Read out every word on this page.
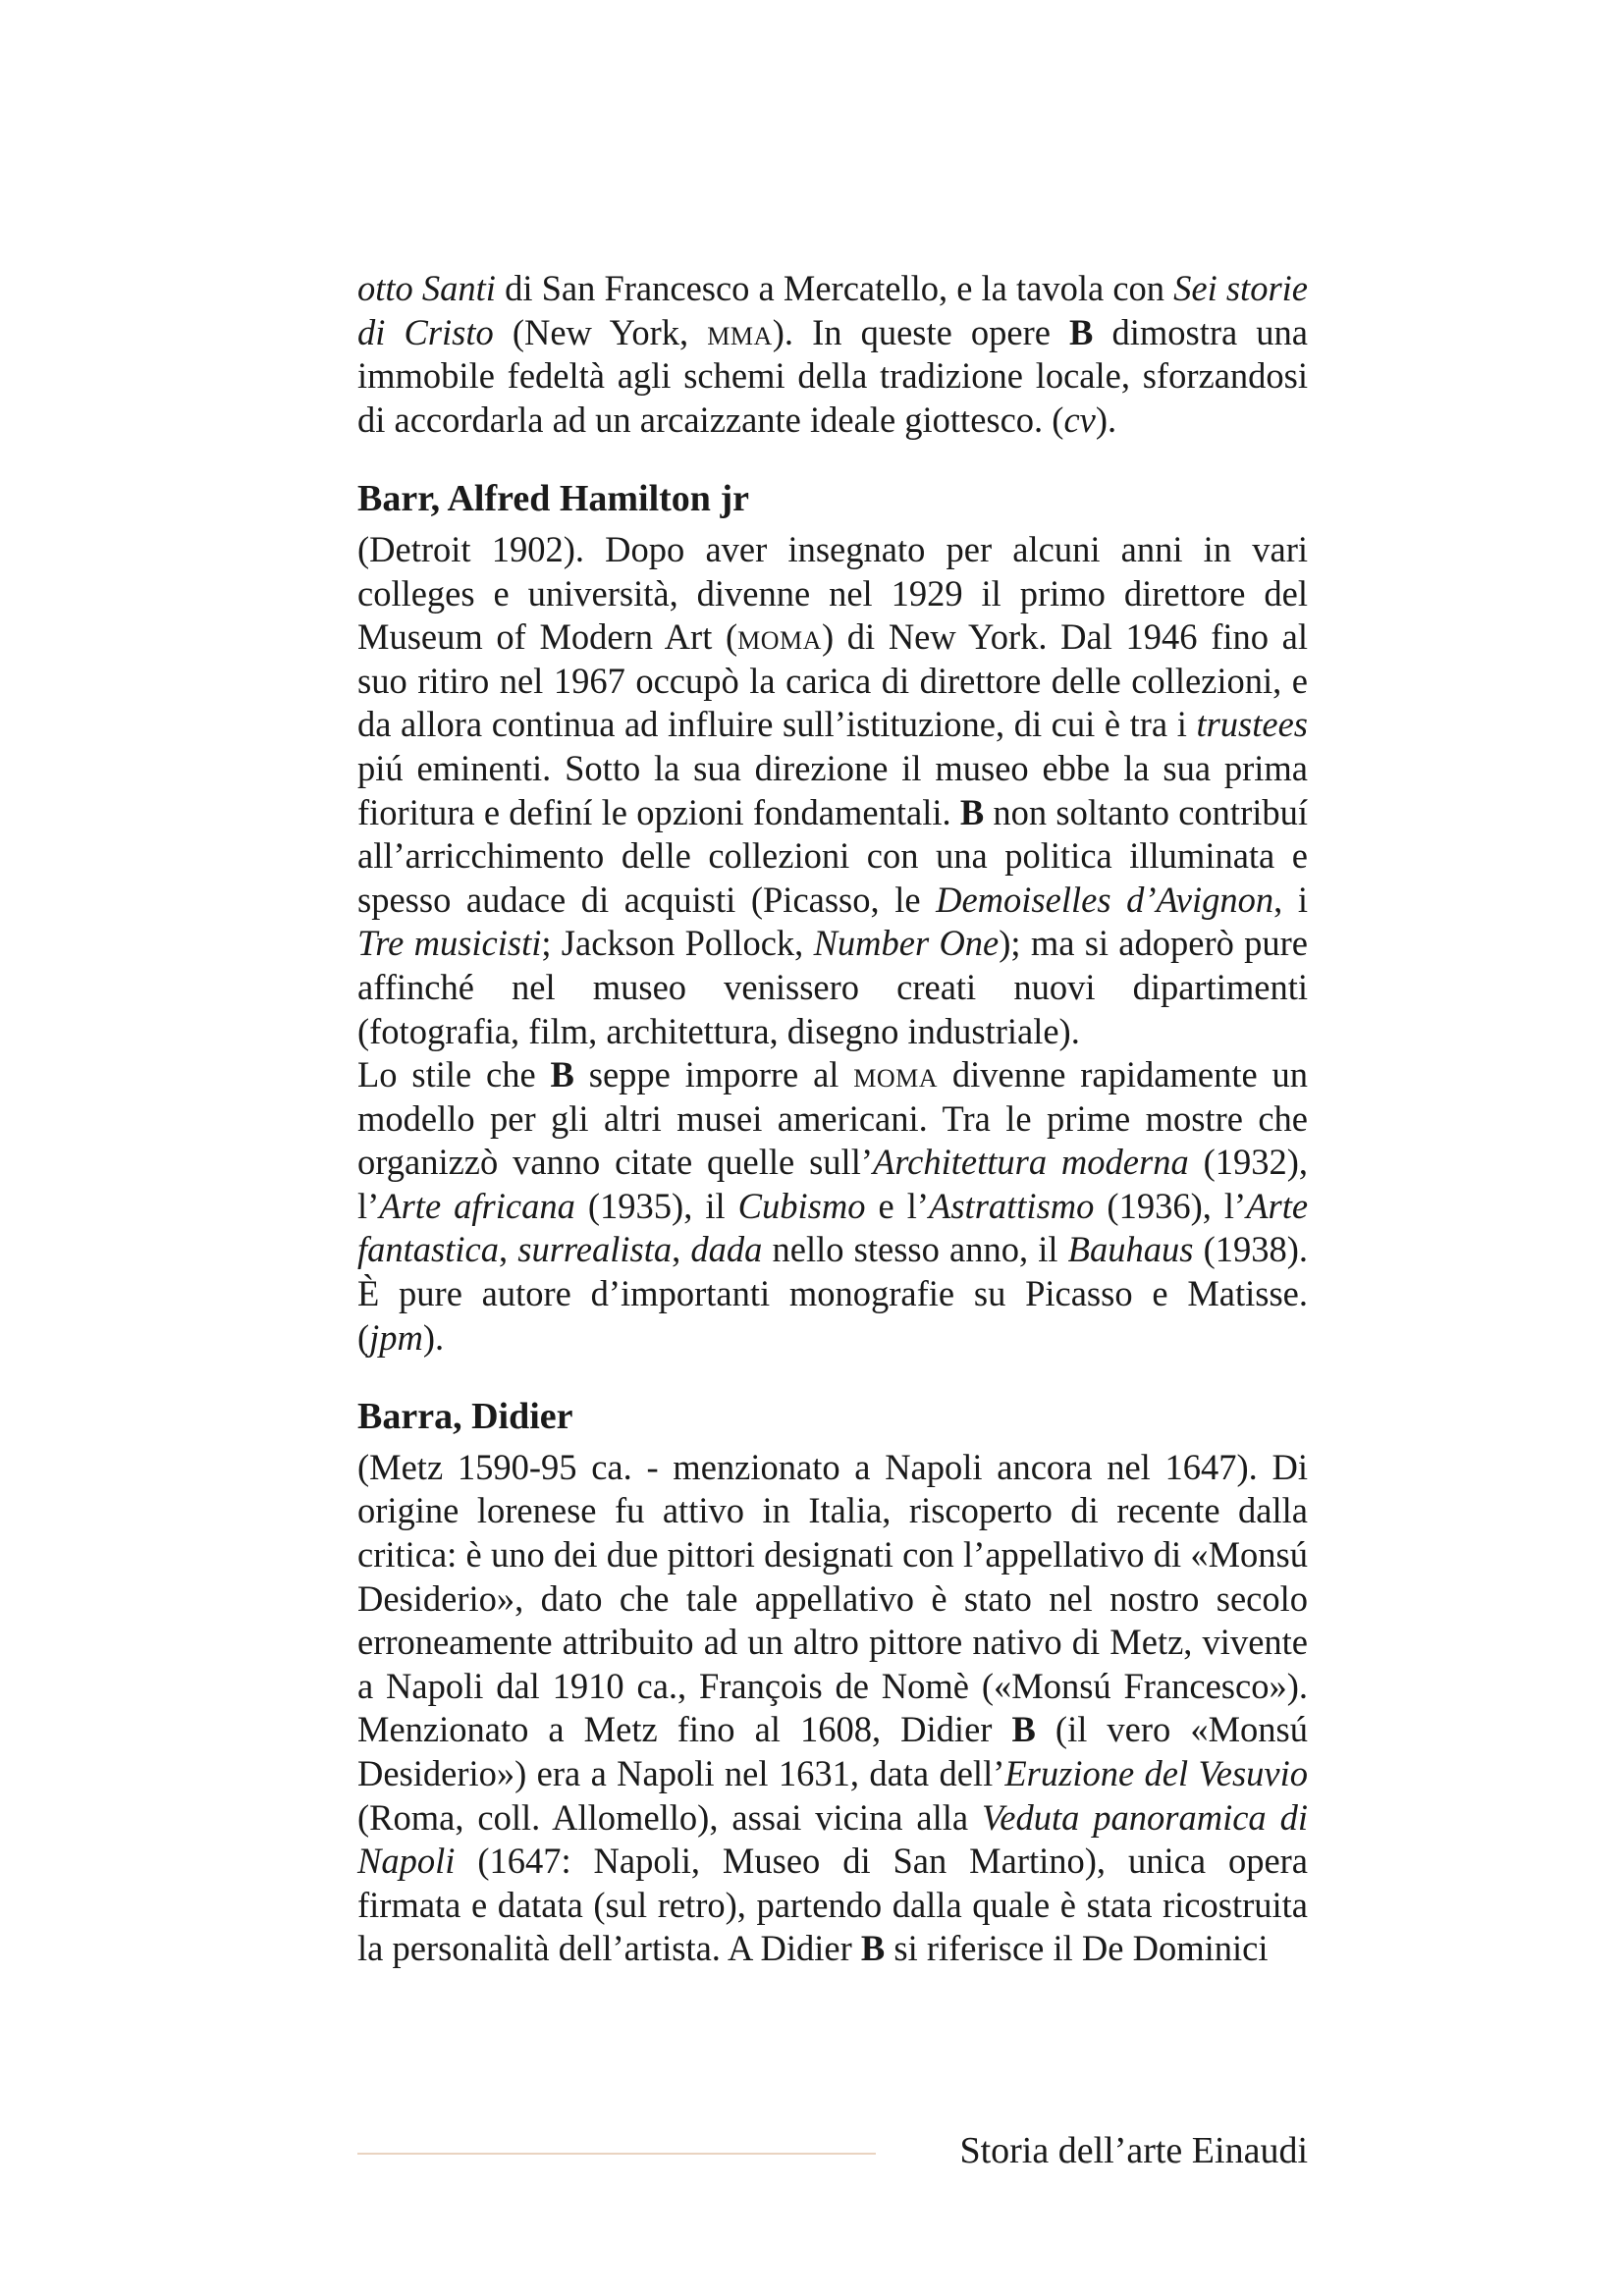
otto Santi di San Francesco a Mercatello, e la tavola con Sei storie di Cristo (New York, mma). In queste opere B dimostra una immobile fedeltà agli schemi della tradizione locale, sforzandosi di accordarla ad un arcaizzante ideale giottesco. (cv).

Barr, Alfred Hamilton jr

(Detroit 1902). Dopo aver insegnato per alcuni anni in vari colleges e università, divenne nel 1929 il primo direttore del Museum of Modern Art (moma) di New York. Dal 1946 fino al suo ritiro nel 1967 occupò la carica di direttore delle collezioni, e da allora continua ad influire sull’istituzione, di cui è tra i trustees piú eminenti. Sotto la sua direzione il museo ebbe la sua prima fioritura e definí le opzioni fondamentali. B non soltanto contribuí all’arricchimento delle collezioni con una politica illuminata e spesso audace di acquisti (Picasso, le Demoiselles d’Avignon, i Tre musicisti; Jackson Pollock, Number One); ma si adoperò pure affinché nel museo venissero creati nuovi dipartimenti (fotografia, film, architettura, disegno industriale).

Lo stile che B seppe imporre al moma divenne rapidamente un modello per gli altri musei americani. Tra le prime mostre che organizzò vanno citate quelle sull’Architettura moderna (1932), l’Arte africana (1935), il Cubismo e l’Astrattismo (1936), l’Arte fantastica, surrealista, dada nello stesso anno, il Bauhaus (1938). È pure autore d’importanti monografie su Picasso e Matisse. (jpm).

Barra, Didier

(Metz 1590-95 ca. - menzionato a Napoli ancora nel 1647). Di origine lorenese fu attivo in Italia, riscoperto di recente dalla critica: è uno dei due pittori designati con l’appellativo di «Monsú Desiderio», dato che tale appellativo è stato nel nostro secolo erroneamente attribuito ad un altro pittore nativo di Metz, vivente a Napoli dal 1910 ca., François de Nomè («Monsú Francesco»). Menzionato a Metz fino al 1608, Didier B (il vero «Monsú Desiderio») era a Napoli nel 1631, data dell’Eruzione del Vesuvio (Roma, coll. Allomello), assai vicina alla Veduta panoramica di Napoli (1647: Napoli, Museo di San Martino), unica opera firmata e datata (sul retro), partendo dalla quale è stata ricostruita la personalità dell’artista. A Didier B si riferisce il De Dominici

Storia dell’arte Einaudi
